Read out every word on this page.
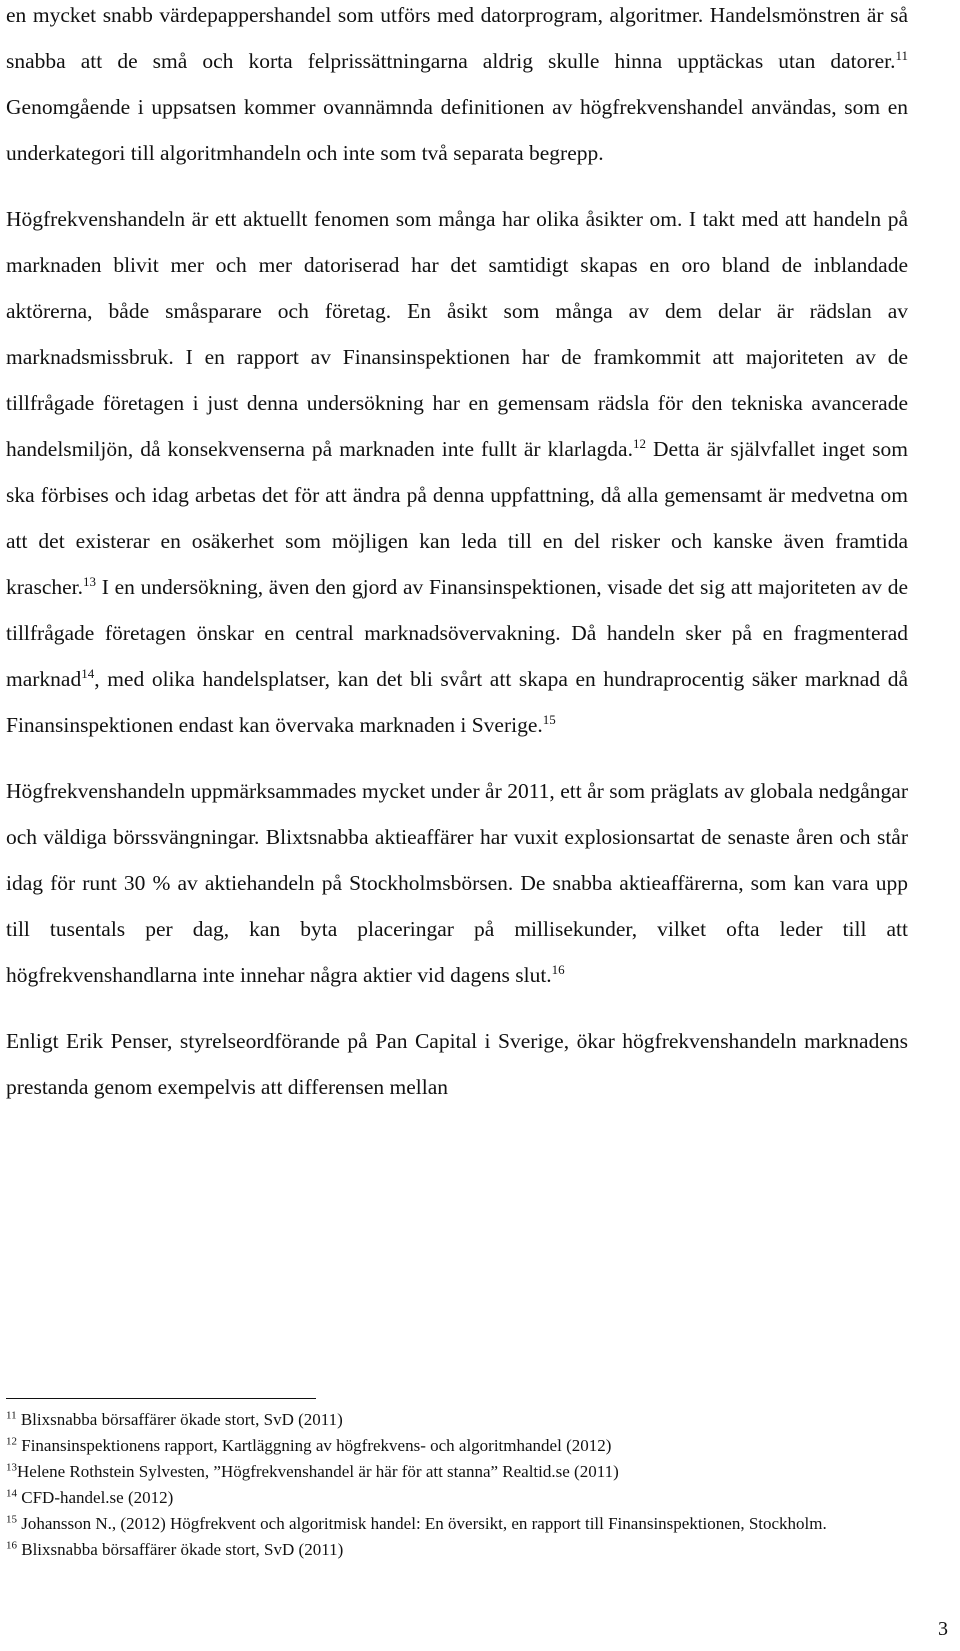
en mycket snabb värdepappershandel som utförs med datorprogram, algoritmer. Handelsmönstren är så snabba att de små och korta felprissättningarna aldrig skulle hinna upptäckas utan datorer.$^{11}$ Genomgående i uppsatsen kommer ovannämnda definitionen av högfrekvenshandel användas, som en underkategori till algoritmhandeln och inte som två separata begrepp.

Högfrekvenshandeln är ett aktuellt fenomen som många har olika åsikter om. I takt med att handeln på marknaden blivit mer och mer datoriserad har det samtidigt skapas en oro bland de inblandade aktörerna, både småsparare och företag. En åsikt som många av dem delar är rädslan av marknadsmissbruk. I en rapport av Finansinspektionen har de framkommit att majoriteten av de tillfrågade företagen i just denna undersökning har en gemensam rädsla för den tekniska avancerade handelsmiljön, då konsekvenserna på marknaden inte fullt är klarlagda.$^{12}$ Detta är självfallet inget som ska förbises och idag arbetas det för att ändra på denna uppfattning, då alla gemensamt är medvetna om att det existerar en osäkerhet som möjligen kan leda till en del risker och kanske även framtida krascher.$^{13}$ I en undersökning, även den gjord av Finansinspektionen, visade det sig att majoriteten av de tillfrågade företagen önskar en central marknadsövervakning. Då handeln sker på en fragmenterad marknad$^{14}$, med olika handelsplatser, kan det bli svårt att skapa en hundraprocentig säker marknad då Finansinspektionen endast kan övervaka marknaden i Sverige.$^{15}$

Högfrekvenshandeln uppmärksammades mycket under år 2011, ett år som präglats av globala nedgångar och väldiga börssvängningar. Blixtsnabba aktieaffärer har vuxit explosionsartat de senaste åren och står idag för runt 30 % av aktiehandeln på Stockholmsbörsen. De snabba aktieaffärerna, som kan vara upp till tusentals per dag, kan byta placeringar på millisekunder, vilket ofta leder till att högfrekvenshandlarna inte innehar några aktier vid dagens slut.$^{16}$

Enligt Erik Penser, styrelseordförande på Pan Capital i Sverige, ökar högfrekvenshandeln marknadens prestanda genom exempelvis att differensen mellan

$^{11}$ Blixsnabba börsaffärer ökade stort, SvD (2011)

$^{12}$ Finansinspektionens rapport, Kartläggning av högfrekvens- och algoritmhandel (2012)

$^{13}$Helene Rothstein Sylvesten, ”Högfrekvenshandel är här för att stanna” Realtid.se (2011)

$^{14}$ CFD-handel.se (2012)

$^{15}$ Johansson N., (2012) Högfrekvent och algoritmisk handel: En översikt, en rapport till Finansinspektionen, Stockholm.

$^{16}$ Blixsnabba börsaffärer ökade stort, SvD (2011)

3
